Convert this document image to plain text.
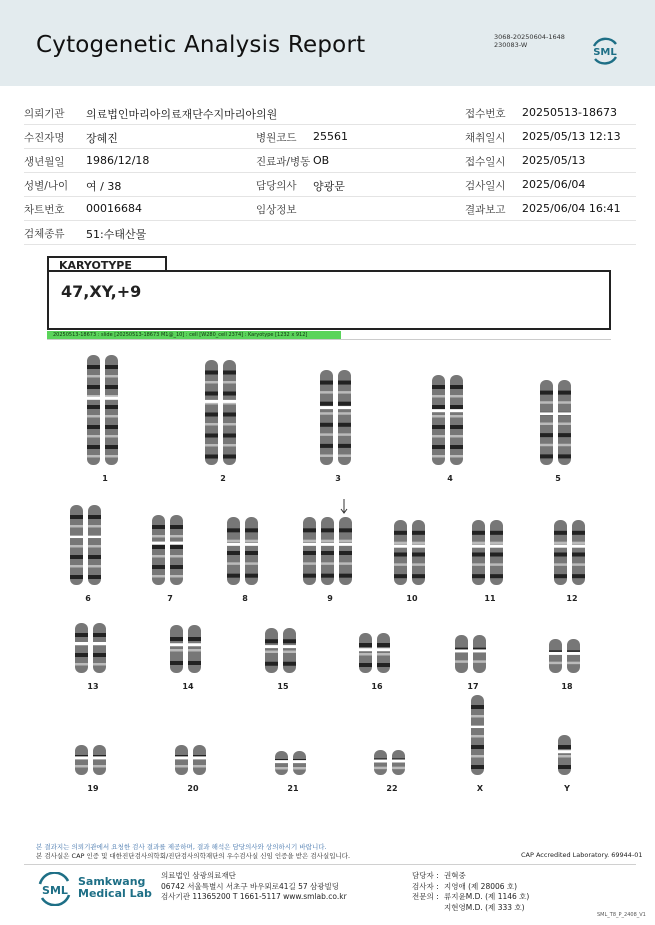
Cytogenetic Analysis Report	3068-20250604-1648
230083-W
SML
의뢰기관 의료법인마리아의료재단수지마리아의원	접수번호 20250513-18673
수진자명 장혜진	병원코드 25561	채취일시 2025/05/13 12:13
생년월일 1986/12/18	진료과/병동 OB	접수일시 2025/05/13
성별/나이 여 / 38	담당의사 양광문	검사일시 2025/06/04
차트번호 00016684	임상정보	결과보고 2025/06/04 16:41
검체종류 51:수태산물
KARYOTYPE
47,XY,+9
20250513-18673 : slide [20250513-18673 M1@_10] : cell [W280_cell 2374] : Karyotype [1232 x 912]
1	2	3	4	5
6	7	8	9	10	11	12
13	14	15	16	17	18
19	20	21	22	X	Y
본 결과지는 의뢰기관에서 요청한 검사 결과를 제공하며, 결과 해석은 담당의사와 상의하시기 바랍니다.
본 검사실은 CAP 인증 및 대한진단검사의학회/진단검사의학재단의 우수검사실 신임 인증을 받은 검사실입니다.	CAP Accredited Laboratory. 69944-01
SML
Samkwang
Medical Lab
의료법인 삼광의료재단
06742 서울특별시 서초구 바우뫼로41길 57 삼광빌딩
검사기관 11365200 T 1661-5117 www.smlab.co.kr
담당자 : 권혁중
검사자 : 지영애 (제 28006 호)
전문의 : 류지윤M.D. (제 1146 호)
지현영M.D. (제 333 호)
SML_T8_P_2408_V1
